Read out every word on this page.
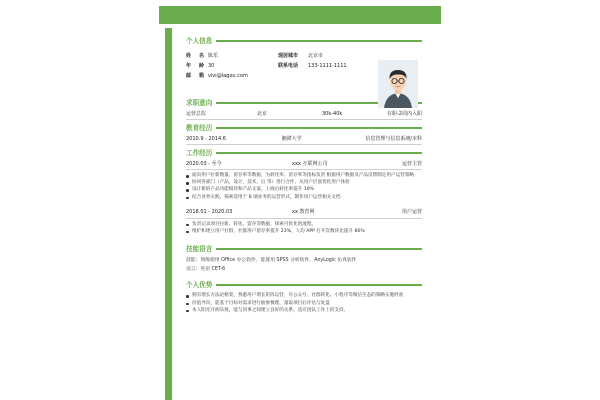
个人信息
姓　名 陈乐	现居城市	北京市
年　龄 30	联系电话	133-1111-1111
邮　箱 vivi@lagou.com
求职意向
运营总监	北京	30k-40k	在职-2周内入职
教育经历
2010.9 - 2014.6	湘潭大学	信息管理与信息系统/本科
工作经历
2020.03 - 至今	xxx 互联网公司	运营主管
面向用户拉新数量、留存率等数据，为转化率、留存率等指标负责 根据用户数据及产品反馈制定用户运营策略
协同各部门（产品，设计，技术，后 等）进行合作，从用户层面优化用户体验
设计新的产品功能模块和产品文案，上线后转化率提升 10%
结合业务实践，探索适用于 B 端业务的运营形式，制作用户运营相关文档
2018.01 - 2020.03	xx 教育网	用户运营
负责记录项目拉新、转化、留存等数据，探索可优化的流程。
维护和建立用户社群，社群用户留存率提升 23%，人均 APP 打开次数环比提升 86%
技能语言
技能：熟练使用 Office 办公软件，能使用 SPSS 分析软件，AnyLogic 仿真软件
语言：英语 CET-6
个人优势
拥有增长方法论框架，熟悉用户增长矩阵运营，有公众号、社群转化、小程序等微信生态的策略实施经验
价值导向，能基于目标对需求进行抽象梳理，量取项目后评估与复盘
本人阳光开朗乐观，能与同事之间建立良好的关系，适应团队工作上的支持。
